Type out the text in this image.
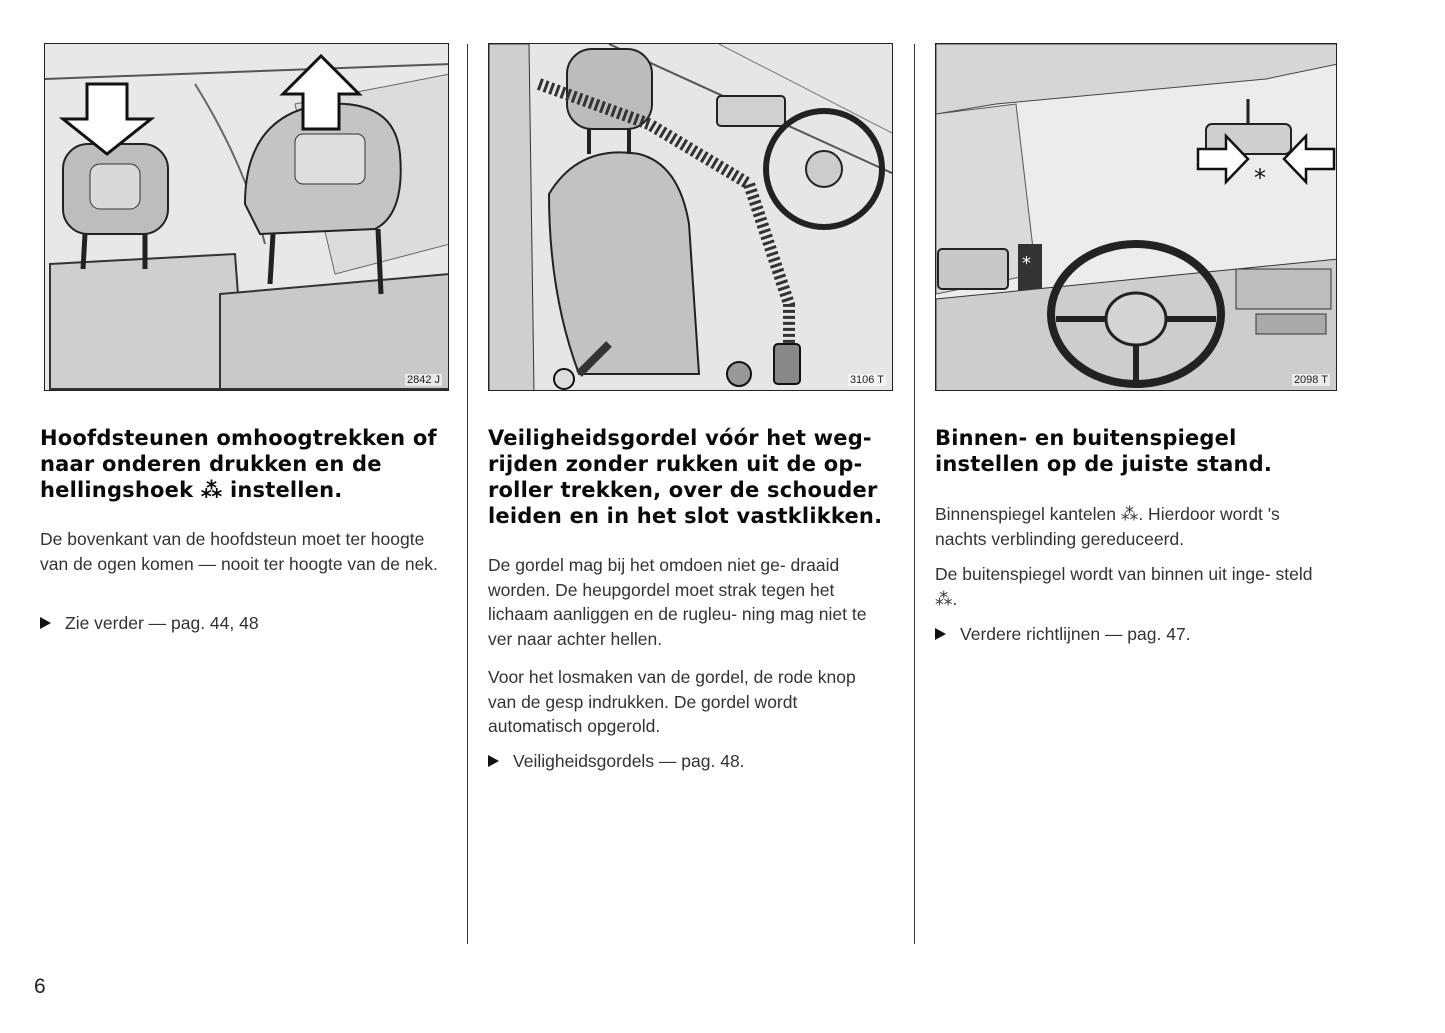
2842 J
Hoofdsteunen omhoogtrekken of naar onderen drukken en de hellingshoek ⁂ instellen.
De bovenkant van de hoofdsteun moet ter hoogte van de ogen komen — nooit ter hoogte van de nek.
Zie verder — pag. 44, 48
3106 T
Veiligheidsgordel vóór het weg- rijden zonder rukken uit de op- roller trekken, over de schouder leiden en in het slot vastklikken.
De gordel mag bij het omdoen niet ge- draaid worden. De heupgordel moet strak tegen het lichaam aanliggen en de rugleu- ning mag niet te ver naar achter hellen.
Voor het losmaken van de gordel, de rode knop van de gesp indrukken. De gordel wordt automatisch opgerold.
Veiligheidsgordels — pag. 48.
*
*
2098 T
Binnen- en buitenspiegel instellen op de juiste stand.
Binnenspiegel kantelen ⁂. Hierdoor wordt 's nachts verblinding gereduceerd.
De buitenspiegel wordt van binnen uit inge- steld ⁂.
Verdere richtlijnen — pag. 47.
6
